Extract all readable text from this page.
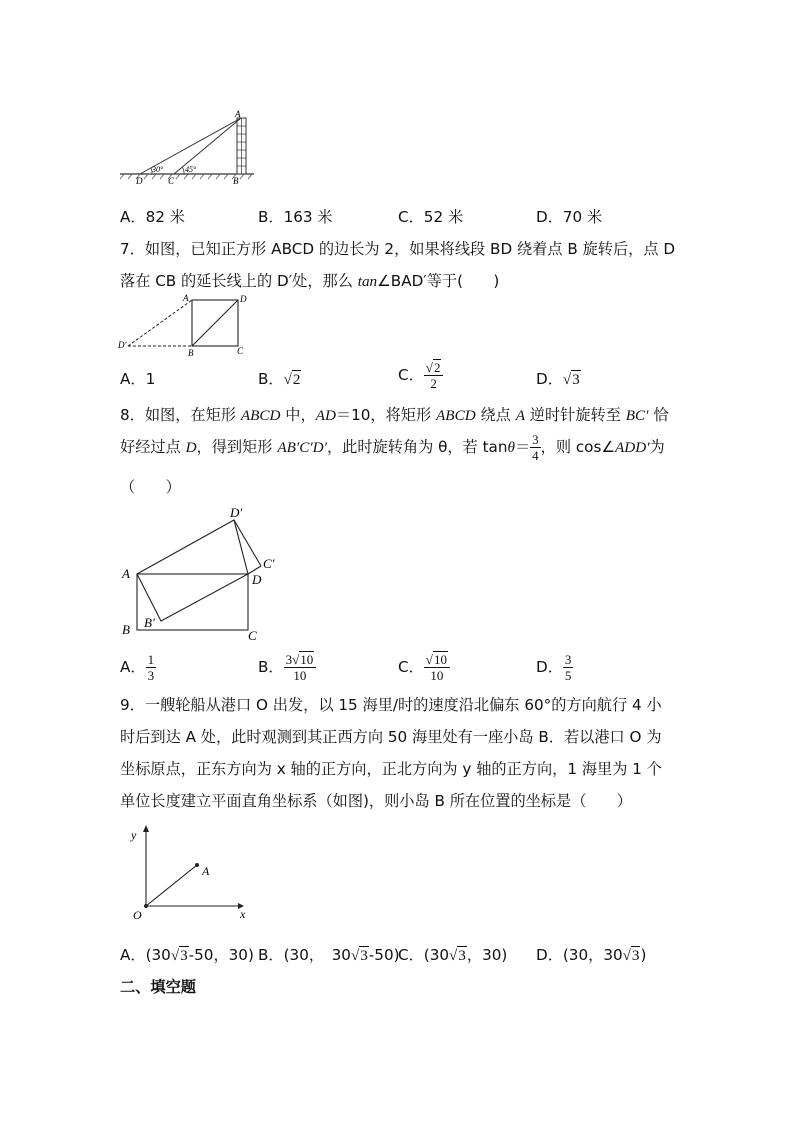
A
B
C
D
30°	45°
A．82 米	B．163 米	C．52 米	D．70 米
7．如图，已知正方形 ABCD 的边长为 2，如果将线段 BD 绕着点 B 旋转后，点 D
落在 CB 的延长线上的 D′处，那么 tan∠BAD′等于(　　)
A	D
B	C
D′
A．1	B．√2	C． $\frac{√2}{2}$	D．√3
8．如图，在矩形 ABCD 中，AD＝10，将矩形 ABCD 绕点 A 逆时针旋转至 BC′ 恰
好经过点 D，得到矩形 AB′C′D′，此时旋转角为 θ，若 $\tan\theta= \frac{3}{4}$ ，则 cos∠ADD′为
（　　）
A
B	C
D
B′
C′
D′
A． $\frac{1}{3}$	B． $\frac{3√10}{10}$	C． $\frac{√10}{10}$	D． $\frac{3}{5}$
9．一艘轮船从港口 O 出发，以 15 海里/时的速度沿北偏东 60°的方向航行 4 小
时后到达 A 处，此时观测到其正西方向 50 海里处有一座小岛 B．若以港口 O 为
坐标原点，正东方向为 x 轴的正方向，正北方向为 y 轴的正方向，1 海里为 1 个
单位长度建立平面直角坐标系（如图)，则小岛 B 所在位置的坐标是（　　）
y
x
O
A
A．(30√3-50，30) B．(30，　30√3-50)
C．(30√3，30) D．(30，30√3)
二、填空题
